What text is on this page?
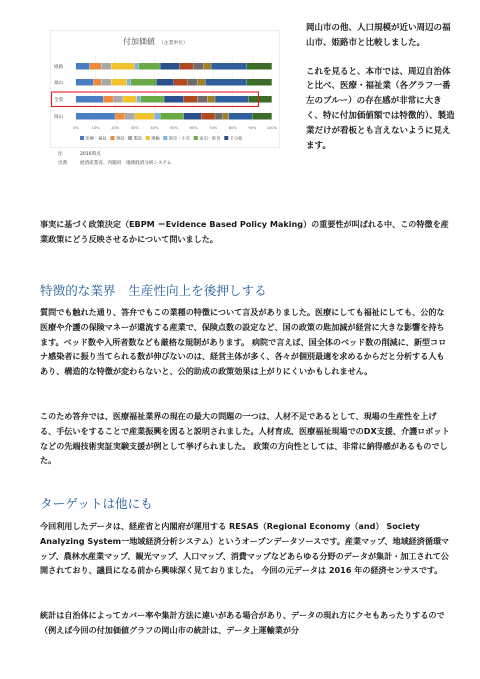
付加価値 （企業単位）
姫路
福山
全県
岡山
0%	10%	20%	30%	40%	50%	60%	70%	80%	90%	100%
医療・福祉 建設 製造 運輸 卸売・小売 宿泊・飲食 その他
注	2016時点
出典	経済産業省、内閣府　地域経済分析システム

岡山市の他、人口規模が近い周辺の福山市、姫路市と比較しました。

これを見ると、本市では、周辺自治体と比べ、医療・福祉業（各グラフ一番左のブルー）の存在感が非常に大きく、特に付加価値額では特徴的）、製造業だけが看板とも言えないように見えます。

事実に基づく政策決定（EBPM ＝Evidence Based Policy Making）の重要性が叫ばれる中、この特徴を産業政策にどう反映させるかについて問いました。

特徴的な業界　生産性向上を後押しする

質問でも触れた通り、答弁でもこの業種の特徴について言及がありました。医療にしても福祉にしても、公的な医療や介護の保険マネーが還流する産業で、保険点数の設定など、国の政策の匙加減が経営に大きな影響を持ちます。ベッド数や入所者数なども厳格な規制があります。 病院で言えば、国全体のベッド数の削減に、新型コロナ感染者に振り当てられる数が伸びないのは、経営主体が多く、各々が個別最適を求めるからだと分析する人もあり、構造的な特徴が変わらないと、公的助成の政策効果は上がりにくいかもしれません。

このため答弁では、医療福祉業界の現在の最大の問題の一つは、人材不足であるとして、現場の生産性を上げる、手伝いをすることで産業振興を図ると説明されました。人材育成、医療福祉現場でのDX支援、介護ロボットなどの先端技術実証実験支援が例として挙げられました。 政策の方向性としては、非常に納得感があるものでした。

ターゲットは他にも

今回利用したデータは、経産省と内閣府が運用する RESAS（Regional Economy（and） Society Analyzing System一地域経済分析システム）というオープンデータソースです。産業マップ、地域経済循環マップ、農林水産業マップ、観光マップ、人口マップ、消費マップなどあらゆる分野のデータが集計・加工されて公開されており、議員になる前から興味深く見ておりました。 今回の元データは 2016 年の経済センサスです。

統計は自治体によってカバー率や集計方法に違いがある場合があり、データの現れ方にクセもあったりするので（例えば今回の付加価値グラフの岡山市の統計は、データ上運輸業が分
